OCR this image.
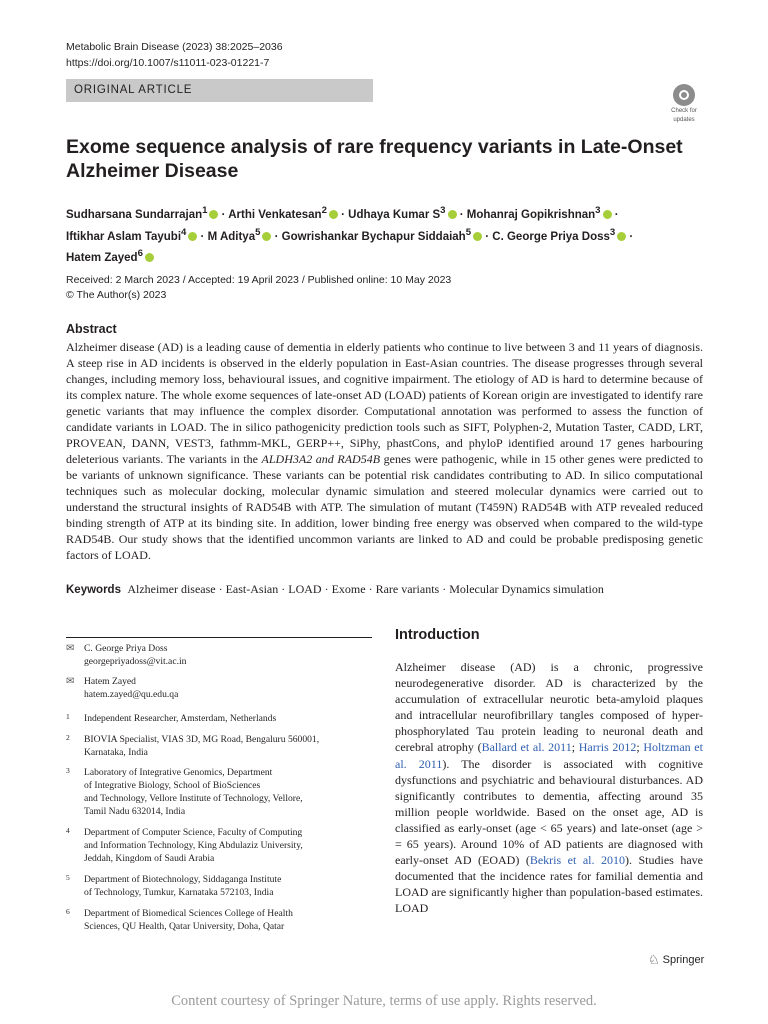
Metabolic Brain Disease (2023) 38:2025–2036
https://doi.org/10.1007/s11011-023-01221-7
ORIGINAL ARTICLE
Check for
updates
Exome sequence analysis of rare frequency variants in Late-Onset Alzheimer Disease
Sudharsana Sundarrajan$^1$ · Arthi Venkatesan$^2$ · Udhaya Kumar $S^3$ · Mohanraj Gopikrishnan$^3$ ·
Iftikhar Aslam Tayubi$^4$ · M Aditya$^5$ · Gowrishankar Bychapur Siddaiah$^5$ · C. George Priya Doss$^3$ ·
Hatem Zayed$^6$
Received: 2 March 2023 / Accepted: 19 April 2023 / Published online: 10 May 2023
© The Author(s) 2023
Abstract
Alzheimer disease (AD) is a leading cause of dementia in elderly patients who continue to live between 3 and 11 years of diagnosis. A steep rise in AD incidents is observed in the elderly population in East-Asian countries. The disease progresses through several changes, including memory loss, behavioural issues, and cognitive impairment. The etiology of AD is hard to determine because of its complex nature. The whole exome sequences of late-onset AD (LOAD) patients of Korean origin are investigated to identify rare genetic variants that may influence the complex disorder. Computational annotation was performed to assess the function of candidate variants in LOAD. The in silico pathogenicity prediction tools such as SIFT, Polyphen-2, Mutation Taster, CADD, LRT, PROVEAN, DANN, VEST3, fathmm-MKL, GERP++, SiPhy, phastCons, and phyloP identified around 17 genes harbouring deleterious variants. The variants in the ALDH3A2 and RAD54B genes were pathogenic, while in 15 other genes were predicted to be variants of unknown significance. These variants can be potential risk candidates contributing to AD. In silico computational techniques such as molecular docking, molecular dynamic simulation and steered molecular dynamics were carried out to understand the structural insights of RAD54B with ATP. The simulation of mutant (T459N) RAD54B with ATP revealed reduced binding strength of ATP at its binding site. In addition, lower binding free energy was observed when compared to the wild-type RAD54B. Our study shows that the identified uncommon variants are linked to AD and could be probable predisposing genetic factors of LOAD.
Keywords Alzheimer disease · East-Asian · LOAD · Exome · Rare variants · Molecular Dynamics simulation
✉	C. George Priya Doss
georgepriyadoss@vit.ac.in
✉	Hatem Zayed
hatem.zayed@qu.edu.qa
1	Independent Researcher, Amsterdam, Netherlands
2	BIOVIA Specialist, VIAS 3D, MG Road, Bengaluru 560001,
Karnataka, India
3	Laboratory of Integrative Genomics, Department
of Integrative Biology, School of BioSciences
and Technology, Vellore Institute of Technology, Vellore,
Tamil Nadu 632014, India
4	Department of Computer Science, Faculty of Computing
and Information Technology, King Abdulaziz University,
Jeddah, Kingdom of Saudi Arabia
5	Department of Biotechnology, Siddaganga Institute
of Technology, Tumkur, Karnataka 572103, India
6	Department of Biomedical Sciences College of Health
Sciences, QU Health, Qatar University, Doha, Qatar
Introduction
Alzheimer disease (AD) is a chronic, progressive neurodegenerative disorder. AD is characterized by the accumulation of extracellular neurotic beta-amyloid plaques and intracellular neurofibrillary tangles composed of hyper-phosphorylated Tau protein leading to neuronal death and cerebral atrophy (Ballard et al. 2011; Harris 2012; Holtzman et al. 2011). The disorder is associated with cognitive dysfunctions and psychiatric and behavioural disturbances. AD significantly contributes to dementia, affecting around 35 million people worldwide. Based on the onset age, AD is classified as early-onset (age < 65 years) and late-onset (age > = 65 years). Around 10% of AD patients are diagnosed with early-onset AD (EOAD) (Bekris et al. 2010). Studies have documented that the incidence rates for familial dementia and LOAD are significantly higher than population-based estimates. LOAD
♘ Springer
Content courtesy of Springer Nature, terms of use apply. Rights reserved.
